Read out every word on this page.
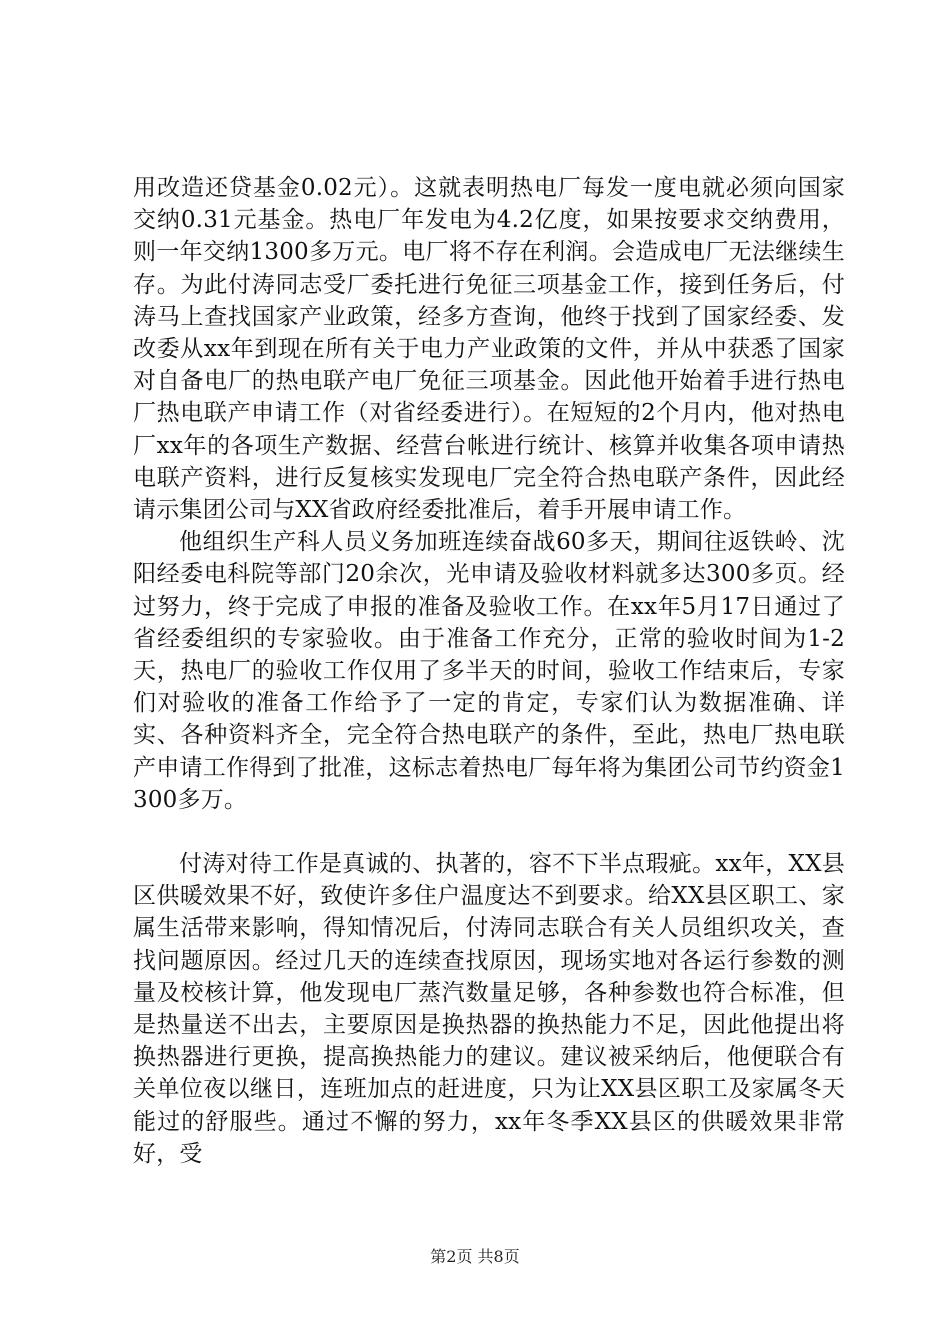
用改造还贷基金0.02元）。这就表明热电厂每发一度电就必须向国家交纳0.31元基金。热电厂年发电为4.2亿度，如果按要求交纳费用，则一年交纳1300多万元。电厂将不存在利润。会造成电厂无法继续生存。为此付涛同志受厂委托进行免征三项基金工作，接到任务后，付涛马上查找国家产业政策，经多方查询，他终于找到了国家经委、发改委从xx年到现在所有关于电力产业政策的文件，并从中获悉了国家对自备电厂的热电联产电厂免征三项基金。因此他开始着手进行热电厂热电联产申请工作（对省经委进行）。在短短的2个月内，他对热电厂xx年的各项生产数据、经营台帐进行统计、核算并收集各项申请热电联产资料，进行反复核实发现电厂完全符合热电联产条件，因此经请示集团公司与XX省政府经委批准后，着手开展申请工作。

他组织生产科人员义务加班连续奋战60多天，期间往返铁岭、沈阳经委电科院等部门20余次，光申请及验收材料就多达300多页。经过努力，终于完成了申报的准备及验收工作。在xx年5月17日通过了省经委组织的专家验收。由于准备工作充分，正常的验收时间为1-2天，热电厂的验收工作仅用了多半天的时间，验收工作结束后，专家们对验收的准备工作给予了一定的肯定，专家们认为数据准确、详实、各种资料齐全，完全符合热电联产的条件，至此，热电厂热电联产申请工作得到了批准，这标志着热电厂每年将为集团公司节约资金1300多万。

付涛对待工作是真诚的、执著的，容不下半点瑕疵。xx年，XX县区供暖效果不好，致使许多住户温度达不到要求。给XX县区职工、家属生活带来影响，得知情况后，付涛同志联合有关人员组织攻关，查找问题原因。经过几天的连续查找原因，现场实地对各运行参数的测量及校核计算，他发现电厂蒸汽数量足够，各种参数也符合标准，但是热量送不出去，主要原因是换热器的换热能力不足，因此他提出将换热器进行更换，提高换热能力的建议。建议被采纳后，他便联合有关单位夜以继日，连班加点的赶进度，只为让XX县区职工及家属冬天能过的舒服些。通过不懈的努力，xx年冬季XX县区的供暖效果非常好，受

第2页 共8页
